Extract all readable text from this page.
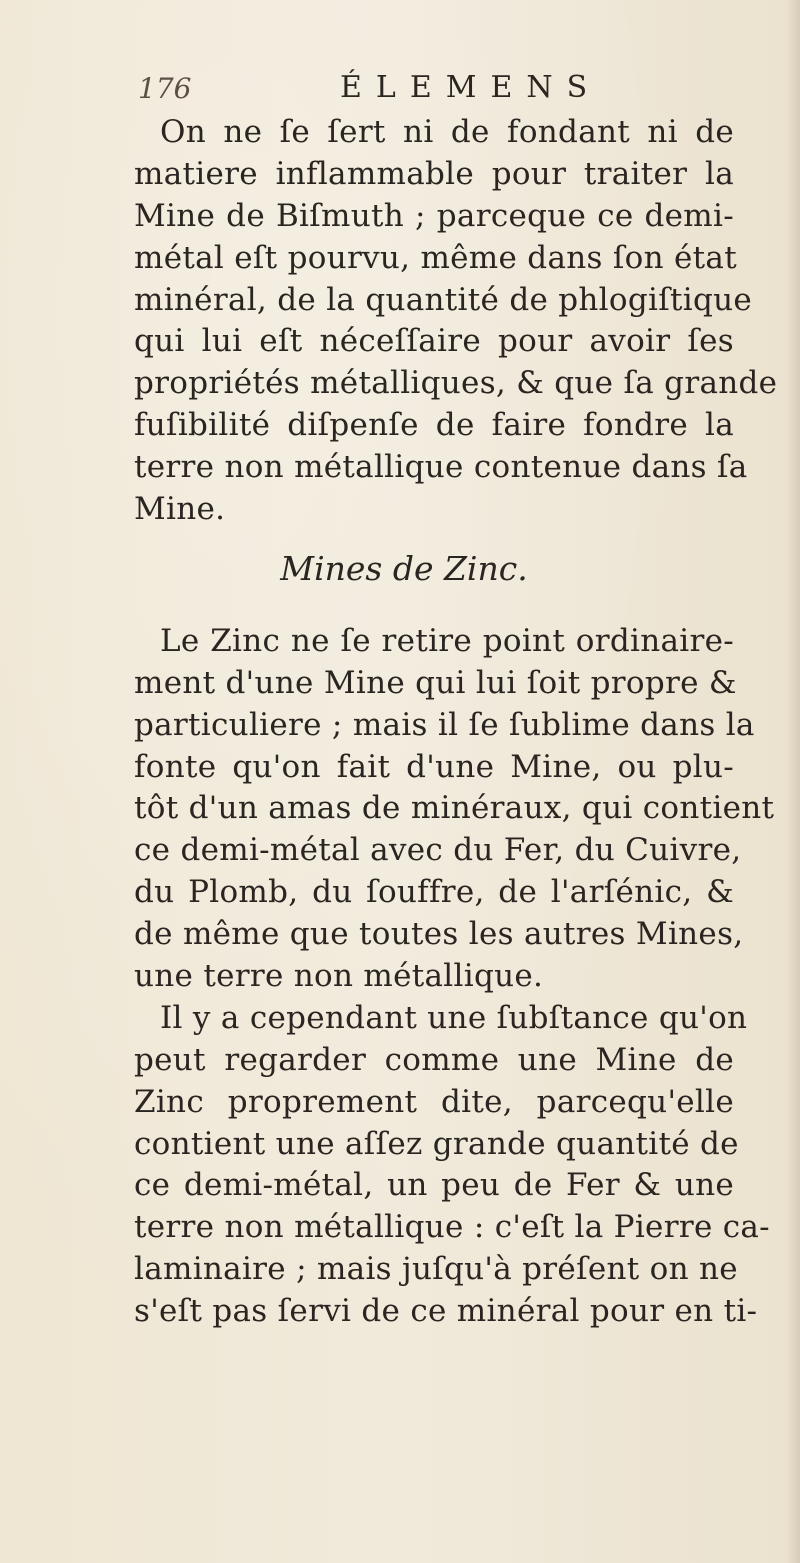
176	ÉLEMENS
On ne ſe ſert ni de fondant ni de
matiere inflammable pour traiter la
Mine de Biſmuth ; parceque ce demi-
métal eſt pourvu, même dans ſon état
minéral, de la quantité de phlogiſtique
qui lui eſt néceſſaire pour avoir ſes
propriétés métalliques, & que ſa grande
fuſibilité diſpenſe de faire fondre la
terre non métallique contenue dans ſa
Mine.
Mines de Zinc.
Le Zinc ne ſe retire point ordinaire-
ment d'une Mine qui lui ſoit propre &
particuliere ; mais il ſe ſublime dans la
fonte qu'on fait d'une Mine, ou plu-
tôt d'un amas de minéraux, qui contient
ce demi-métal avec du Fer, du Cuivre,
du Plomb, du ſouffre, de l'arſénic, &
de même que toutes les autres Mines,
une terre non métallique.
Il y a cependant une ſubſtance qu'on
peut regarder comme une Mine de
Zinc proprement dite, parcequ'elle
contient une aſſez grande quantité de
ce demi-métal, un peu de Fer & une
terre non métallique : c'eſt la Pierre ca-
laminaire ; mais juſqu'à préſent on ne
s'eſt pas ſervi de ce minéral pour en ti-
